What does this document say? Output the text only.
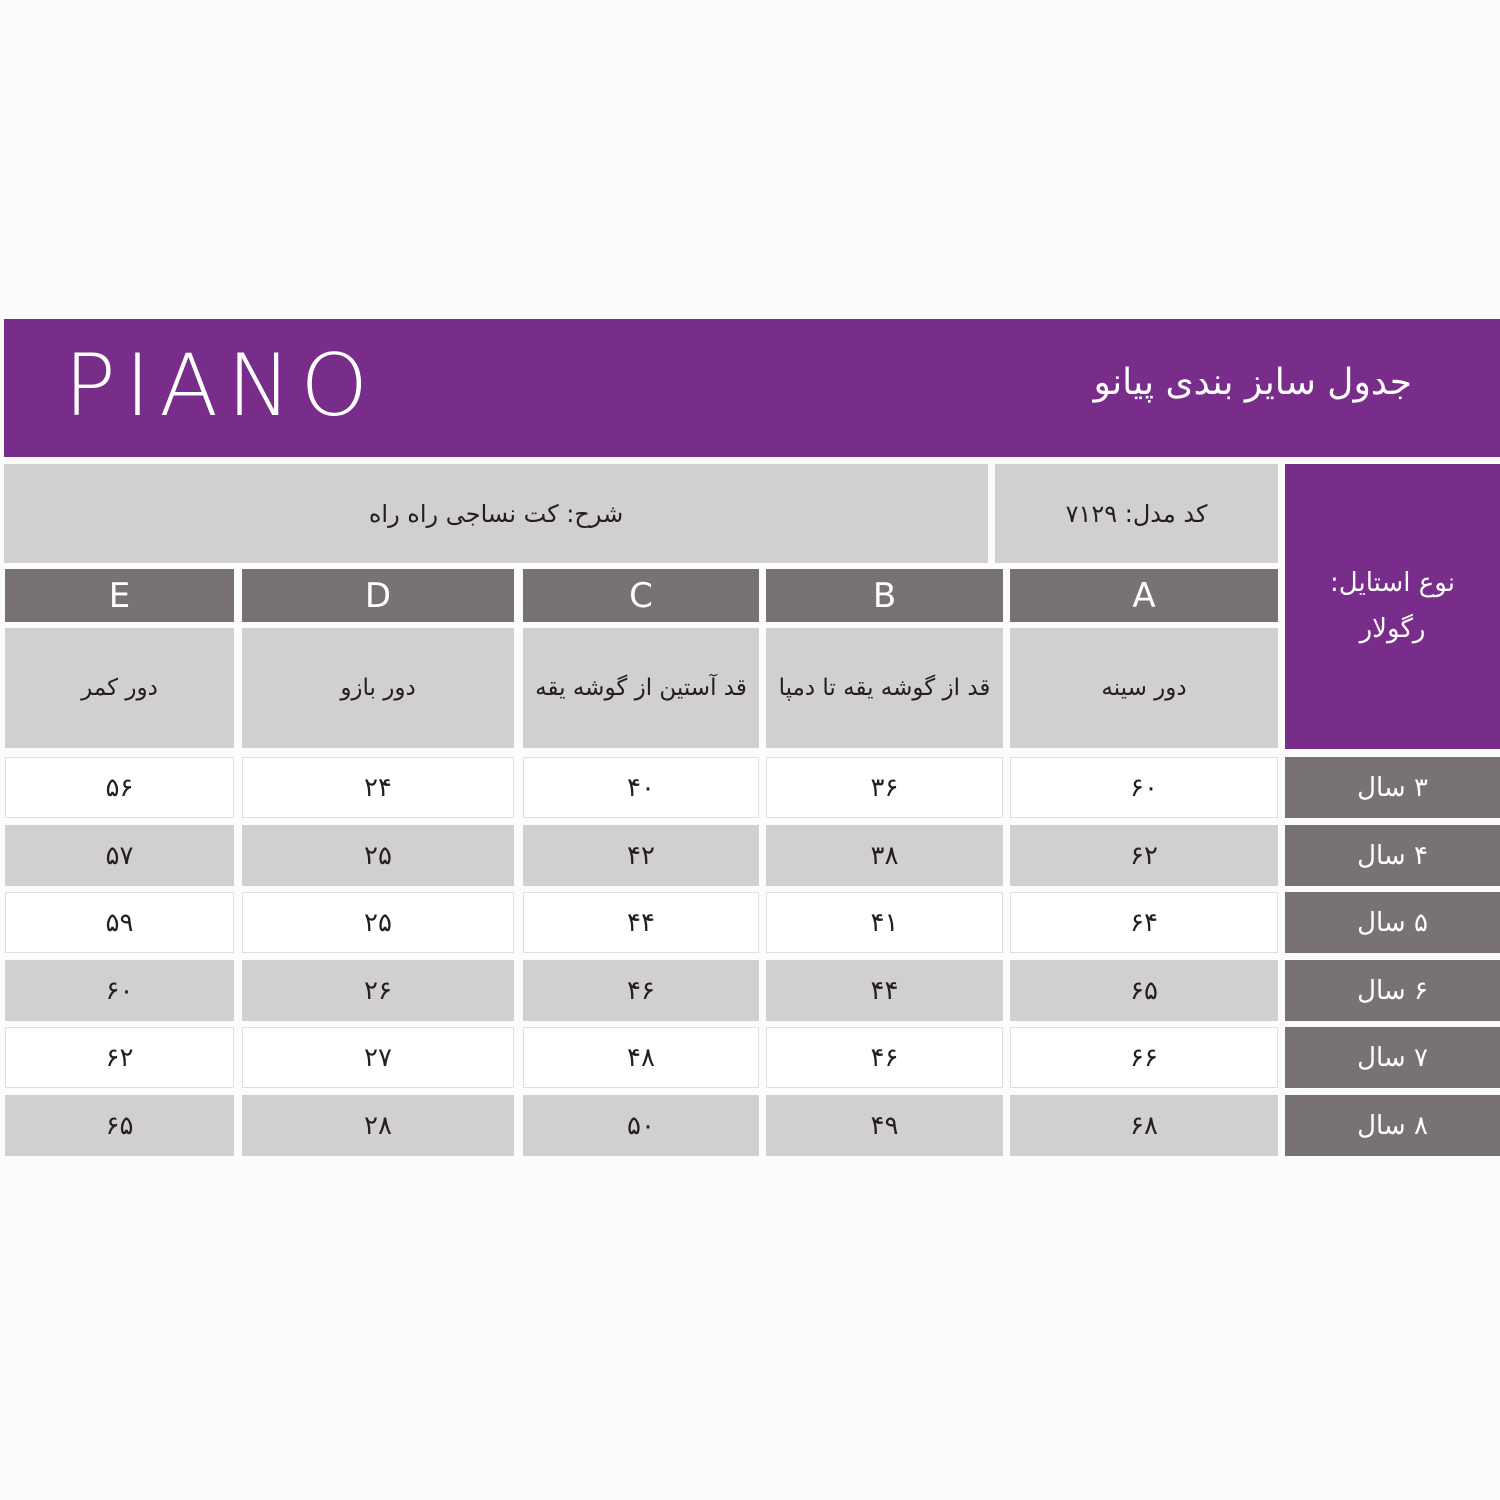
PIANO	جدول سایز بندی پیانو
شرح: کت نساجی راه راه	کد مدل: ۷۱۲۹
نوع استایل:
رگولار
A
دور سینه
B
قد از گوشه یقه تا دمپا
C
قد آستین از گوشه یقه
D
دور بازو
E
دور کمر
۳ سال
۶۰
۳۶
۴۰
۲۴
۵۶
۴ سال
۶۲
۳۸
۴۲
۲۵
۵۷
۵ سال
۶۴
۴۱
۴۴
۲۵
۵۹
۶ سال
۶۵
۴۴
۴۶
۲۶
۶۰
۷ سال
۶۶
۴۶
۴۸
۲۷
۶۲
۸ سال
۶۸
۴۹
۵۰
۲۸
۶۵
